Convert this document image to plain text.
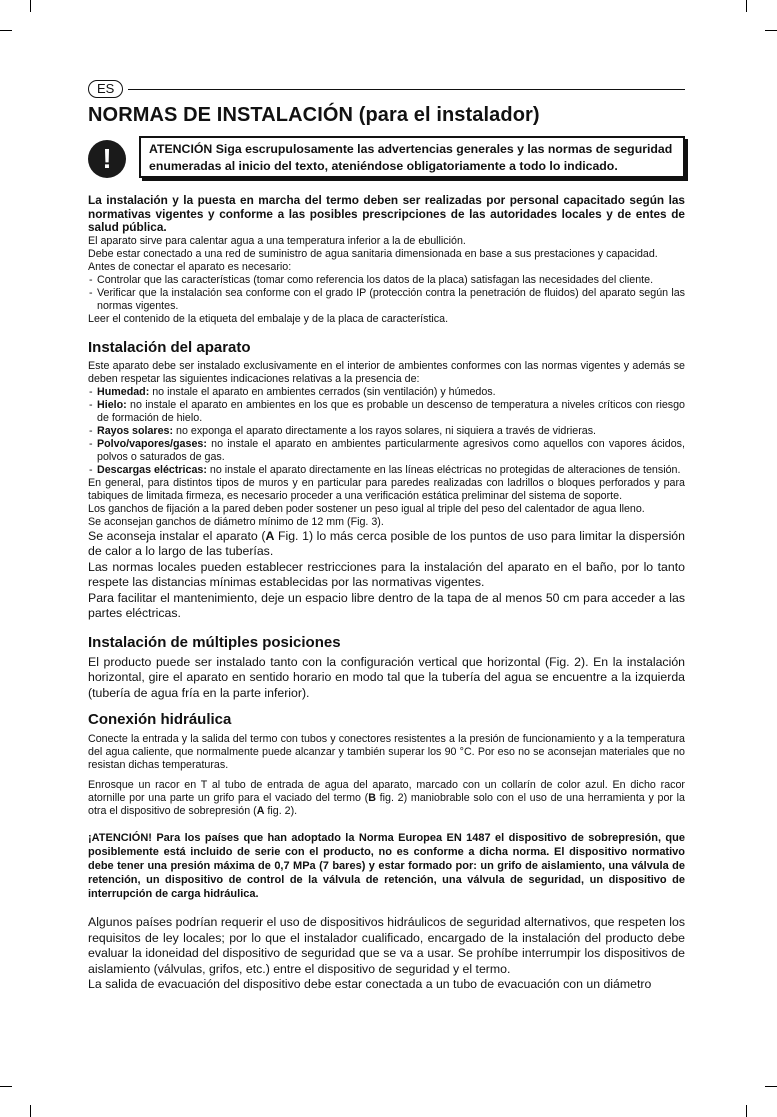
ES
NORMAS DE INSTALACIÓN (para el instalador)
!	ATENCIÓN Siga escrupulosamente las advertencias generales y las normas de seguridad enumeradas al inicio del texto, ateniéndose obligatoriamente a todo lo indicado.

La instalación y la puesta en marcha del termo deben ser realizadas por personal capacitado según las normativas vigentes y conforme a las posibles prescripciones de las autoridades locales y de entes de salud pública.

El aparato sirve para calentar agua a una temperatura inferior a la de ebullición.

Debe estar conectado a una red de suministro de agua sanitaria dimensionada en base a sus prestaciones y capacidad.

Antes de conectar el aparato es necesario:

- Controlar que las características (tomar como referencia los datos de la placa) satisfagan las necesidades del cliente.
- Verificar que la instalación sea conforme con el grado IP (protección contra la penetración de fluidos) del aparato según las normas vigentes.

Leer el contenido de la etiqueta del embalaje y de la placa de característica.

Instalación del aparato

Este aparato debe ser instalado exclusivamente en el interior de ambientes conformes con las normas vigentes y además se deben respetar las siguientes indicaciones relativas a la presencia de:

- Humedad: no instale el aparato en ambientes cerrados (sin ventilación) y húmedos.
- Hielo: no instale el aparato en ambientes en los que es probable un descenso de temperatura a niveles críticos con riesgo de formación de hielo.
- Rayos solares: no exponga el aparato directamente a los rayos solares, ni siquiera a través de vidrieras.
- Polvo/vapores/gases: no instale el aparato en ambientes particularmente agresivos como aquellos con vapores ácidos, polvos o saturados de gas.
- Descargas eléctricas: no instale el aparato directamente en las líneas eléctricas no protegidas de alteraciones de tensión.

En general, para distintos tipos de muros y en particular para paredes realizadas con ladrillos o bloques perforados y para tabiques de limitada firmeza, es necesario proceder a una verificación estática preliminar del sistema de soporte.

Los ganchos de fijación a la pared deben poder sostener un peso igual al triple del peso del calentador de agua lleno.

Se aconsejan ganchos de diámetro mínimo de 12 mm (Fig. 3).

Se aconseja instalar el aparato (A Fig. 1) lo más cerca posible de los puntos de uso para limitar la dispersión de calor a lo largo de las tuberías.

Las normas locales pueden establecer restricciones para la instalación del aparato en el baño, por lo tanto respete las distancias mínimas establecidas por las normativas vigentes.

Para facilitar el mantenimiento, deje un espacio libre dentro de la tapa de al menos 50 cm para acceder a las partes eléctricas.

Instalación de múltiples posiciones

El producto puede ser instalado tanto con la configuración vertical que horizontal (Fig. 2). En la instalación horizontal, gire el aparato en sentido horario en modo tal que la tubería del agua se encuentre a la izquierda (tubería de agua fría en la parte inferior).

Conexión hidráulica

Conecte la entrada y la salida del termo con tubos y conectores resistentes a la presión de funcionamiento y a la temperatura del agua caliente, que normalmente puede alcanzar y también superar los 90 °C. Por eso no se aconsejan materiales que no resistan dichas temperaturas.

Enrosque un racor en T al tubo de entrada de agua del aparato, marcado con un collarín de color azul. En dicho racor atornille por una parte un grifo para el vaciado del termo (B fig. 2) maniobrable solo con el uso de una herramienta y por la otra el dispositivo de sobrepresión (A fig. 2).

¡ATENCIÓN! Para los países que han adoptado la Norma Europea EN 1487 el dispositivo de sobrepresión, que posiblemente está incluido de serie con el producto, no es conforme a dicha norma. El dispositivo normativo debe tener una presión máxima de 0,7 MPa (7 bares) y estar formado por: un grifo de aislamiento, una válvula de retención, un dispositivo de control de la válvula de retención, una válvula de seguridad, un dispositivo de interrupción de carga hidráulica.

Algunos países podrían requerir el uso de dispositivos hidráulicos de seguridad alternativos, que respeten los requisitos de ley locales; por lo que el instalador cualificado, encargado de la instalación del producto debe evaluar la idoneidad del dispositivo de seguridad que se va a usar. Se prohíbe interrumpir los dispositivos de aislamiento (válvulas, grifos, etc.) entre el dispositivo de seguridad y el termo.

La salida de evacuación del dispositivo debe estar conectada a un tubo de evacuación con un diámetro
